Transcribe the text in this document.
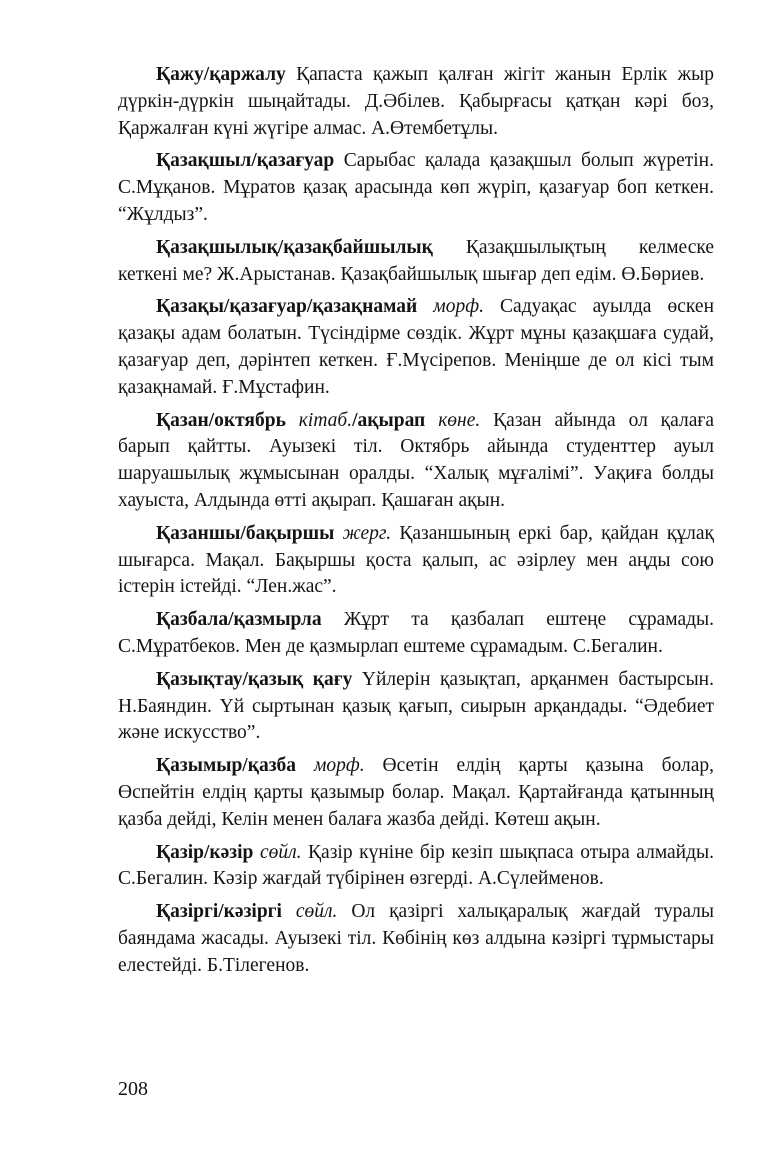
Қажу/қаржалу Қапаста қажып қалған жігіт жанын Ерлік жыр дүркін-дүркін шыңайтады. Д.Әбілев. Қабырғасы қатқан кәрі боз, Қаржалған күні жүгіре алмас. А.Өтембетұлы.

Қазақшыл/қазағуар Сарыбас қалада қазақшыл болып жүретін. С.Мұқанов. Мұратов қазақ арасында көп жүріп, қазағуар боп кеткен. “Жұлдыз”.

Қазақшылық/қазақбайшылық Қазақшылықтың келмеске кеткені ме? Ж.Арыстанав. Қазақбайшылық шығар деп едім. Ө.Бөриев.

Қазақы/қазағуар/қазақнамай морф. Садуақас ауылда өскен қазақы адам болатын. Түсіндірме сөздік. Жұрт мұны қазақшаға судай, қазағуар деп, дәрінтеп кеткен. Ғ.Мүсірепов. Меніңше де ол кісі тым қазақнамай. Ғ.Мұстафин.

Қазан/октябрь кітаб./ақырап көне. Қазан айында ол қалаға барып қайтты. Ауызекі тіл. Октябрь айында студенттер ауыл шаруашылық жұмысынан оралды. “Халық мұғалімі”. Уақиға болды хауыста, Алдында өтті ақырап. Қашаған ақын.

Қазаншы/бақыршы жерг. Қазаншының еркі бар, қайдан құлақ шығарса. Мақал. Бақыршы қоста қалып, ас әзірлеу мен аңды сою істерін істейді. “Лен.жас”.

Қазбала/қазмырла Жұрт та қазбалап ештеңе сұрамады. С.Мұратбеков. Мен де қазмырлап ештеме сұрамадым. С.Бегалин.

Қазықтау/қазық қағу Үйлерін қазықтап, арқанмен бастырсын. Н.Баяндин. Үй сыртынан қазық қағып, сиырын арқандады. “Әдебиет және искусство”.

Қазымыр/қазба морф. Өсетін елдің қарты қазына болар, Өспейтін елдің қарты қазымыр болар. Мақал. Қартайғанда қатынның қазба дейді, Келін менен балаға жазба дейді. Көтеш ақын.

Қазір/кәзір сөйл. Қазір күніне бір кезіп шықпаса отыра алмайды. С.Бегалин. Кәзір жағдай түбірінен өзгерді. А.Сүлейменов.

Қазіргі/кәзіргі сөйл. Ол қазіргі халықаралық жағдай туралы баяндама жасады. Ауызекі тіл. Көбінің көз алдына кәзіргі тұрмыстары елестейді. Б.Тілегенов.

208
